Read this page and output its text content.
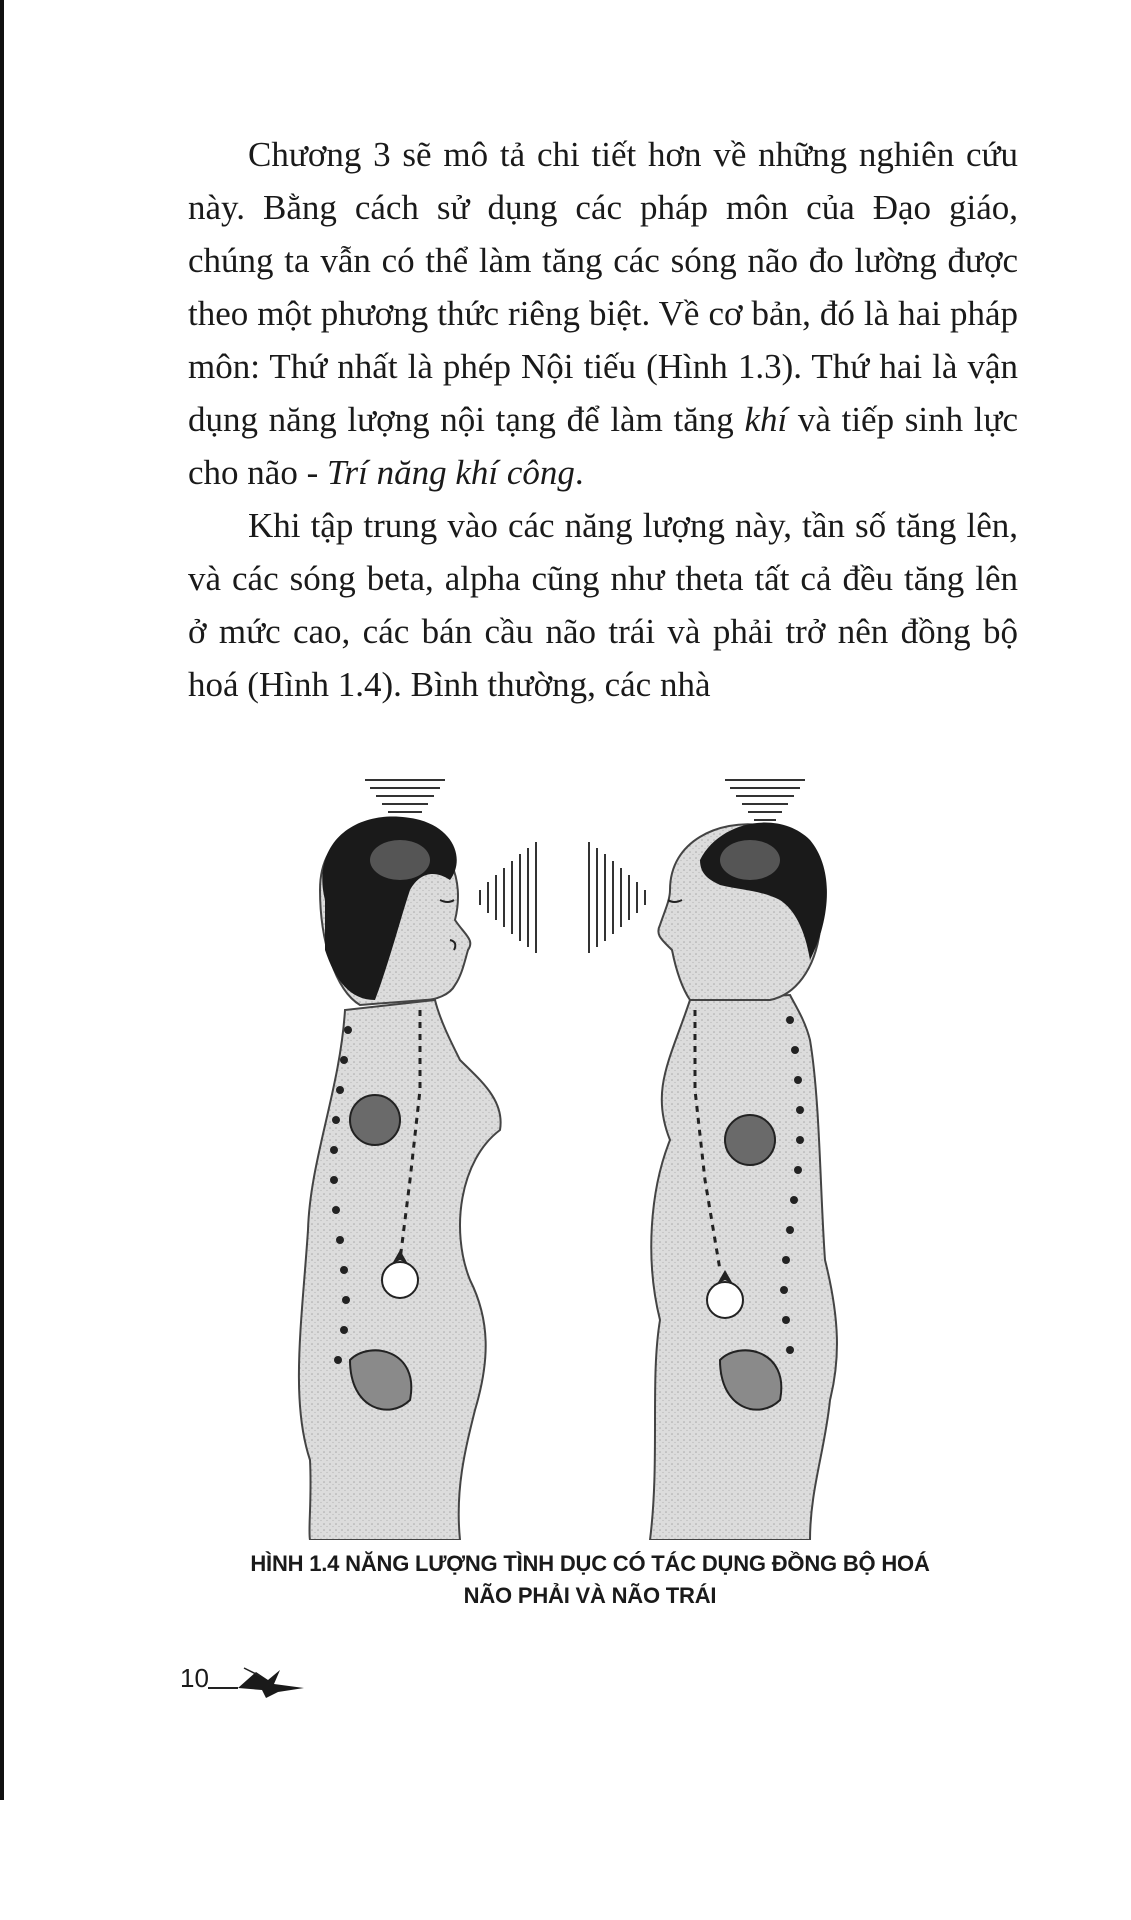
Chương 3 sẽ mô tả chi tiết hơn về những nghiên cứu này. Bằng cách sử dụng các pháp môn của Đạo giáo, chúng ta vẫn có thể làm tăng các sóng não đo lường được theo một phương thức riêng biệt. Về cơ bản, đó là hai pháp môn: Thứ nhất là phép Nội tiếu (Hình 1.3). Thứ hai là vận dụng năng lượng nội tạng để làm tăng khí và tiếp sinh lực cho não - Trí năng khí công.

Khi tập trung vào các năng lượng này, tần số tăng lên, và các sóng beta, alpha cũng như theta tất cả đều tăng lên ở mức cao, các bán cầu não trái và phải trở nên đồng bộ hoá (Hình 1.4). Bình thường, các nhà

HÌNH 1.4 NĂNG LƯỢNG TÌNH DỤC CÓ TÁC DỤNG ĐỒNG BỘ HOÁ
NÃO PHẢI VÀ NÃO TRÁI
10
